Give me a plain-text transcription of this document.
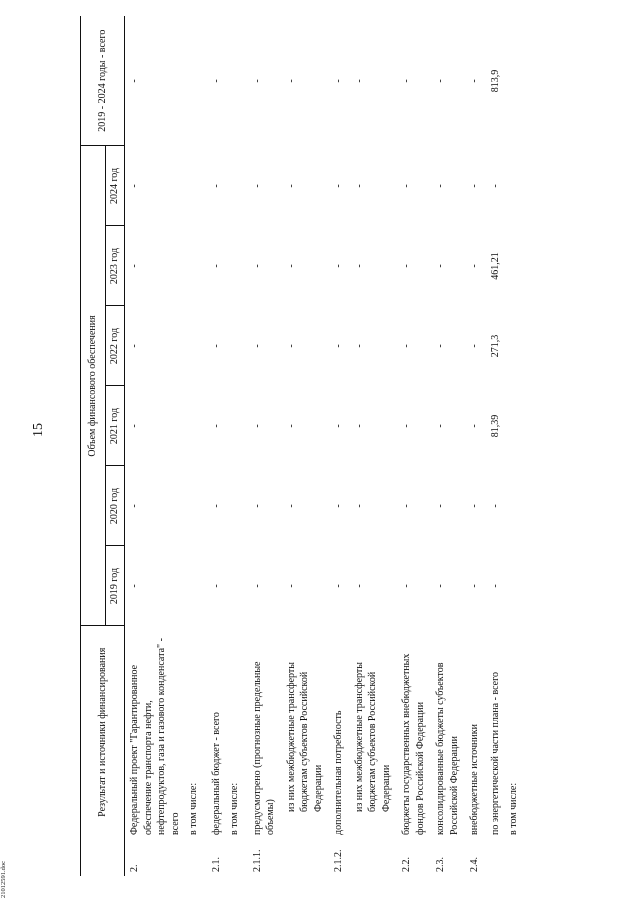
15
	Результат и источники финансирования	Объем финансового обеспечения						2019 - 2024 годы - всего
		2019 год	2020 год	2021 год	2022 год	2023 год	2024 год	
2.	Федеральный проект "Гарантированное обеспечение транспорта нефти, нефтепродуктов, газа и газового конденсата" - всего	-	-	-	-	-	-	-
	в том числе:							
2.1.	федеральный бюджет - всего	-	-	-	-	-	-	-
	в том числе:							
2.1.1.	предусмотрено (прогнозные предельные объемы)	-	-	-	-	-	-	-
	из них межбюджетные трансферты бюджетам субъектов Российской Федерации	-	-	-	-	-	-	-
2.1.2.	дополнительная потребность	-	-	-	-	-	-	-
	из них межбюджетные трансферты бюджетам субъектов Российской Федерации	-	-	-	-	-	-	-
2.2.	бюджеты государственных внебюджетных фондов Российской Федерации	-	-	-	-	-	-	-
2.3.	консолидированные бюджеты субъектов Российской Федерации	-	-	-	-	-	-	-
2.4.	внебюджетные источники	-	-	-	-	-	-	-
	по энергетической части плана - всего	-	-	81,39	271,3	461,21	-	813,9
	в том числе:							
21012591.doc
